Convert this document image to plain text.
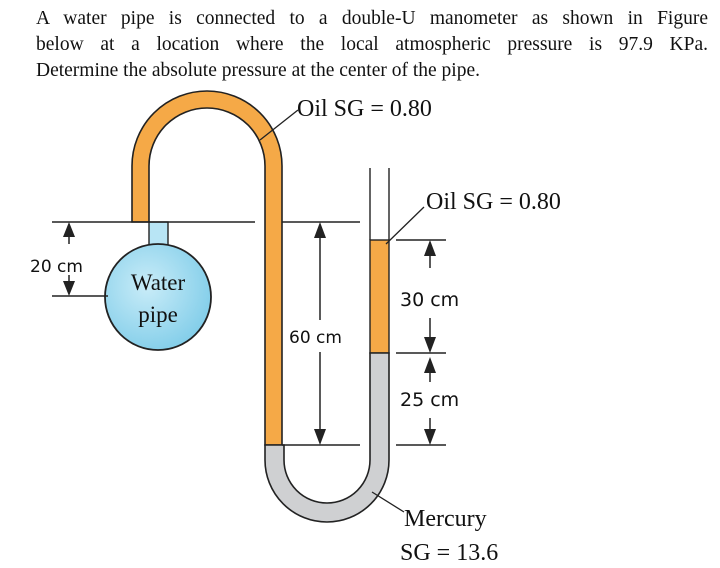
A water pipe is connected to a double-U manometer as shown in Figure

below at a location where the local atmospheric pressure is 97.9 KPa.

Determine the absolute pressure at the center of the pipe.

20 cm
60 cm
30 cm
25 cm
Oil SG = 0.80
Oil SG = 0.80
Water
pipe
Mercury
SG = 13.6
